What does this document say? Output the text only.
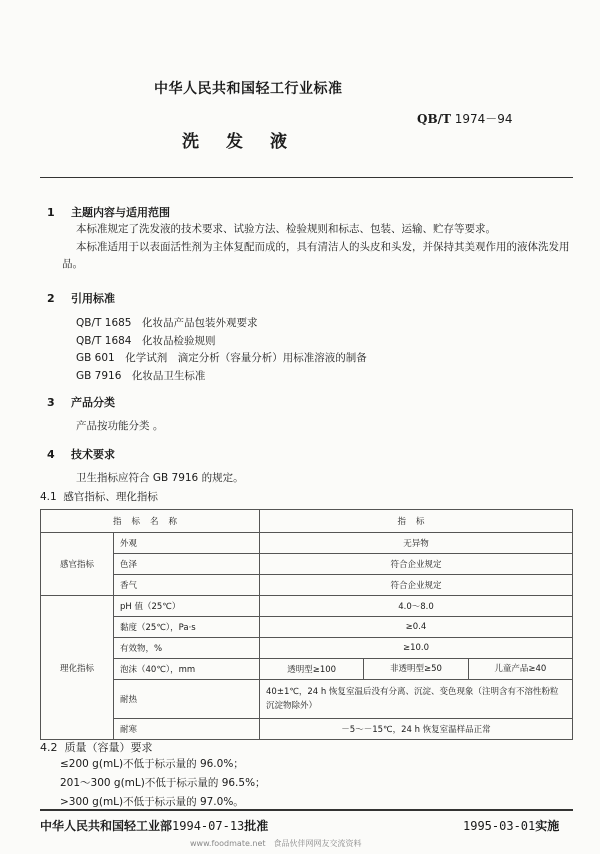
中华人民共和国轻工行业标准
QB/T 1974－94
洗发液
1 主题内容与适用范围
本标准规定了洗发液的技术要求、试验方法、检验规则和标志、包装、运输、贮存等要求。
本标准适用于以表面活性剂为主体复配而成的，具有清洁人的头皮和头发，并保持其美观作用的液体洗发用品。
2 引用标准
QB/T 1685　化妆品产品包装外观要求
QB/T 1684　化妆品检验规则
GB 601　化学试剂　滴定分析（容量分析）用标准溶液的制备
GB 7916　化妆品卫生标准
3 产品分类
产品按功能分类 。
4 技术要求
卫生指标应符合 GB 7916 的规定。
4.1 感官指标、理化指标
指标名称		指标
感官指标	外观	无异物
	色泽	符合企业规定
	香气	符合企业规定
理化指标	pH 值（25℃）	4.0～8.0
	黏度（25℃），Pa·s	≥0.4
	有效物，%	≥10.0
	泡沫（40℃），mm	透明型≥100 非透明型≥50 儿童产品≥40

	耐热	40±1℃，24 h 恢复室温后没有分离、沉淀、变色现象（注明含有不溶性粉粒沉淀物除外）
	耐寒	－5～－15℃，24 h 恢复室温样品正常
4.2 质量（容量）要求
≤200 g(mL)不低于标示量的 96.0%；
201～300 g(mL)不低于标示量的 96.5%；
>300 g(mL)不低于标示量的 97.0%。
中华人民共和国轻工业部1994-07-13批准	1995-03-01实施
www.foodmate.net　食品伙伴网网友交流资料
